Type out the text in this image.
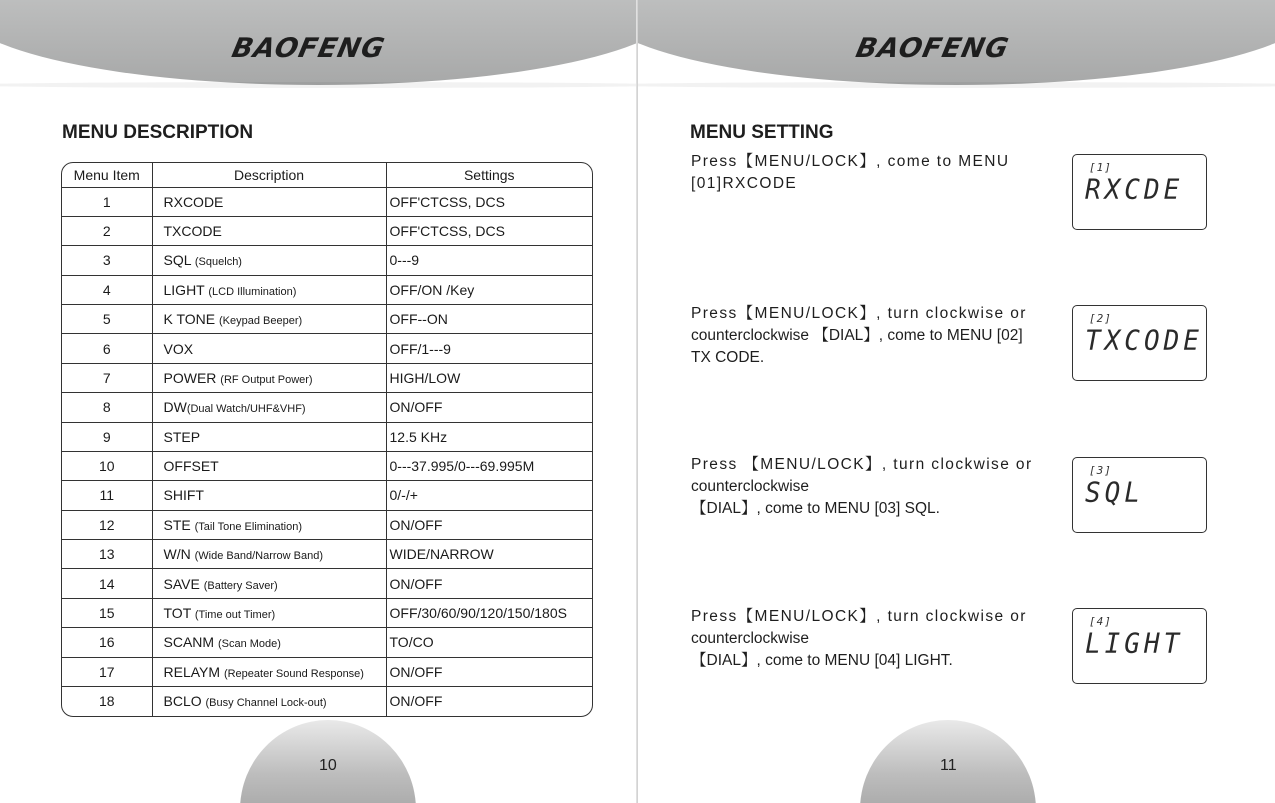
BAOFENG
MENU DESCRIPTION
Menu Item	Description	Settings
1	RXCODE	OFF'CTCSS, DCS
2	TXCODE	OFF'CTCSS, DCS
3	SQL (Squelch)	0---9
4	LIGHT (LCD Illumination)	OFF/ON /Key
5	K TONE (Keypad Beeper)	OFF--ON
6	VOX	OFF/1---9
7	POWER (RF Output Power)	HIGH/LOW
8	DW(Dual Watch/UHF&VHF)	ON/OFF
9	STEP	12.5 KHz
10	OFFSET	0---37.995/0---69.995M
11	SHIFT	0/-/+
12	STE (Tail Tone Elimination)	ON/OFF
13	W/N (Wide Band/Narrow Band)	WIDE/NARROW
14	SAVE (Battery Saver)	ON/OFF
15	TOT (Time out Timer)	OFF/30/60/90/120/150/180S
16	SCANM (Scan Mode)	TO/CO
17	RELAYM (Repeater Sound Response)	ON/OFF
18	BCLO (Busy Channel Lock-out)	ON/OFF
10
BAOFENG
MENU SETTING
Press【MENU/LOCK】, come to MENU
[01]RXCODE
[1]
RXCDE
Press【MENU/LOCK】, turn clockwise or
counterclockwise 【DIAL】, come to MENU [02]
TX CODE.
[2]
TXCODE
Press 【MENU/LOCK】, turn clockwise or
counterclockwise
【DIAL】, come to MENU [03] SQL.
[3]
SQL
Press【MENU/LOCK】, turn clockwise or
counterclockwise
【DIAL】, come to MENU [04] LIGHT.
[4]
LIGHT
11
